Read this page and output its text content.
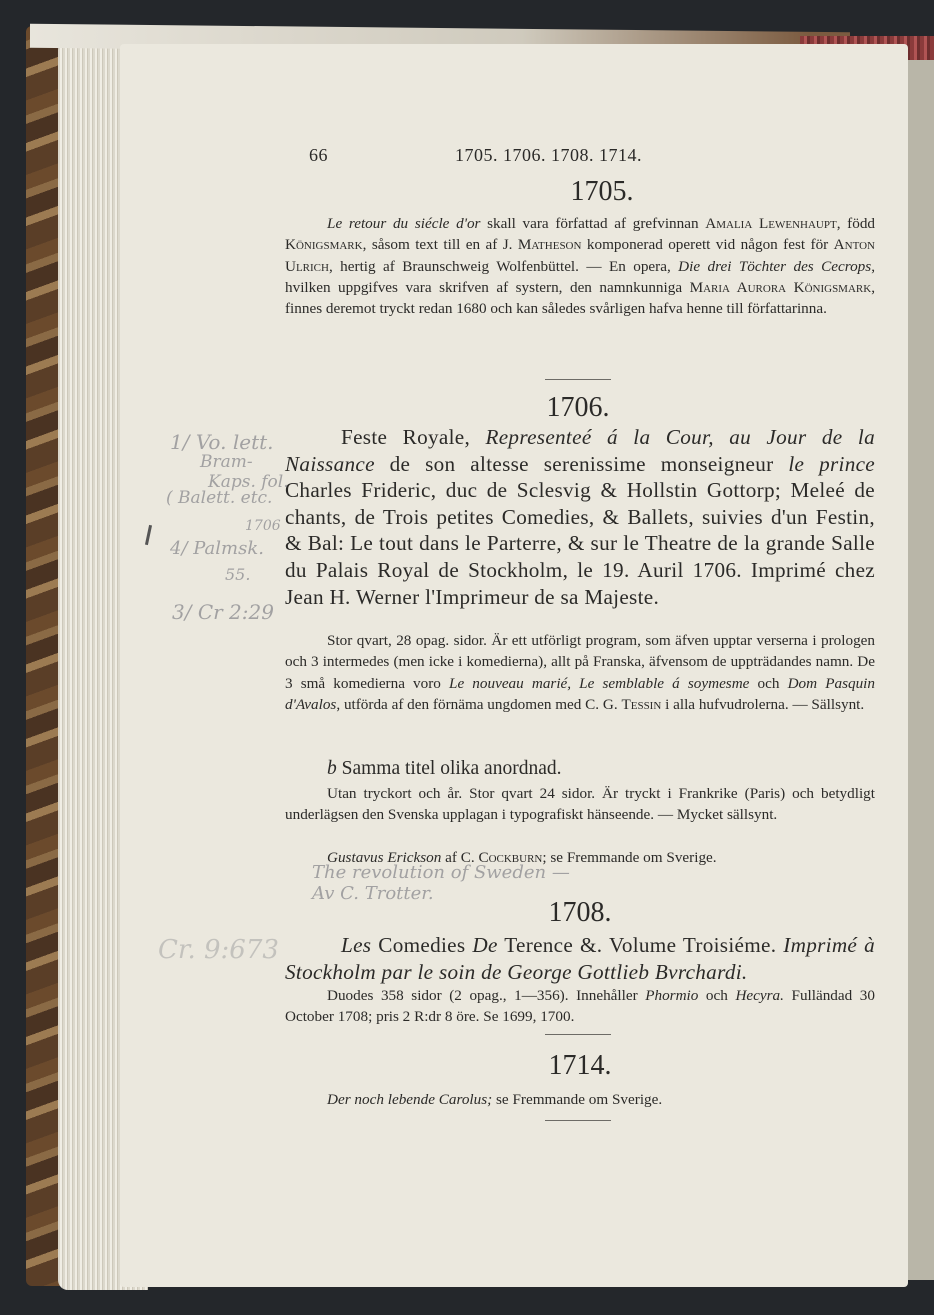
66	1705. 1706. 1708. 1714.
1705.
Le retour du siécle d'or skall vara författad af grefvinnan Amalia Lewenhaupt, född Königsmark, såsom text till en af J. Matheson komponerad operett vid någon fest för Anton Ulrich, hertig af Braunschweig Wolfenbüttel. — En opera, Die drei Töchter des Cecrops, hvilken uppgifves vara skrifven af systern, den namnkunniga Maria Aurora Königsmark, finnes deremot tryckt redan 1680 och kan således svårligen hafva henne till författarinna.
1706.
Feste Royale, Representeé á la Cour, au Jour de la Naissance de son altesse serenissime monseigneur le prince Charles Frideric, duc de Sclesvig & Hollstin Gottorp; Meleé de chants, de Trois petites Comedies, & Ballets, suivies d'un Festin, & Bal: Le tout dans le Parterre, & sur le Theatre de la grande Salle du Palais Royal de Stockholm, le 19. Auril 1706. Imprimé chez Jean H. Werner l'Imprimeur de sa Majeste.
Stor qvart, 28 opag. sidor. Är ett utförligt program, som äfven upptar verserna i prologen och 3 intermedes (men icke i komedierna), allt på Franska, äfvensom de uppträdandes namn. De 3 små komedierna voro Le nouveau marié, Le semblable á soymesme och Dom Pasquin d'Avalos, utförda af den förnäma ungdomen med C. G. Tessin i alla hufvudrolerna. — Sällsynt.
b Samma titel olika anordnad.
Utan tryckort och år. Stor qvart 24 sidor. Är tryckt i Frankrike (Paris) och betydligt underlägsen den Svenska upplagan i typografiskt hänseende. — Mycket sällsynt.
Gustavus Erickson af C. Cockburn; se Fremmande om Sverige.
1708.
Les Comedies De Terence &. Volume Troisiéme. Imprimé à Stockholm par le soin de George Gottlieb Bvrchardi.
Duodes 358 sidor (2 opag., 1—356). Innehåller Phormio och Hecyra. Fulländad 30 October 1708; pris 2 R:dr 8 öre. Se 1699, 1700.
1714.
Der noch lebende Carolus; se Fremmande om Sverige.
1/ Vo. lett.
Bram-
Kaps. fol.
( Balett. etc.
1706
4/ Palmsk.
55.
3/ Cr 2:29
The revolution of Sweden —
Av C. Trotter.
Cr. 9:673
